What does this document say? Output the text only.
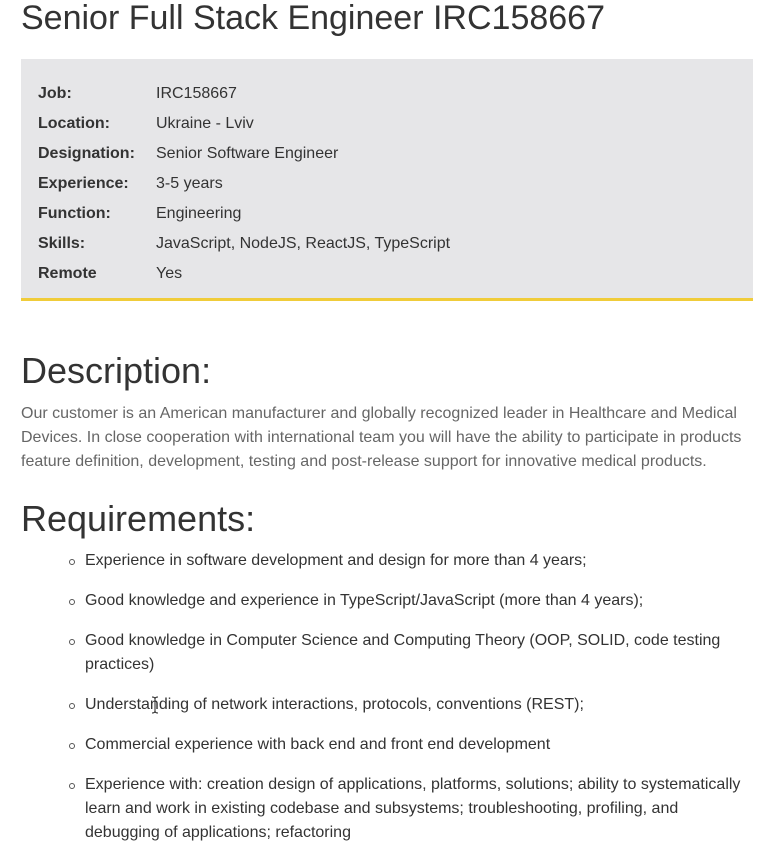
Senior Full Stack Engineer IRC158667
Job:	IRC158667
Location:	Ukraine - Lviv
Designation:	Senior Software Engineer
Experience:	3-5 years
Function:	Engineering
Skills:	JavaScript, NodeJS, ReactJS, TypeScript
Remote	Yes
Description:

Our customer is an American manufacturer and globally recognized leader in Healthcare and Medical Devices. In close cooperation with international team you will have the ability to participate in products feature definition, development, testing and post-release support for innovative medical products.

Requirements:
Experience in software development and design for more than 4 years;
Good knowledge and experience in TypeScript/JavaScript (more than 4 years);
Good knowledge in Computer Science and Computing Theory (OOP, SOLID, code testing practices)
Understanding of network interactions, protocols, conventions (REST);
Commercial experience with back end and front end development
Experience with: creation design of applications, platforms, solutions; ability to systematically learn and work in existing codebase and subsystems; troubleshooting, profiling, and debugging of applications; refactoring
